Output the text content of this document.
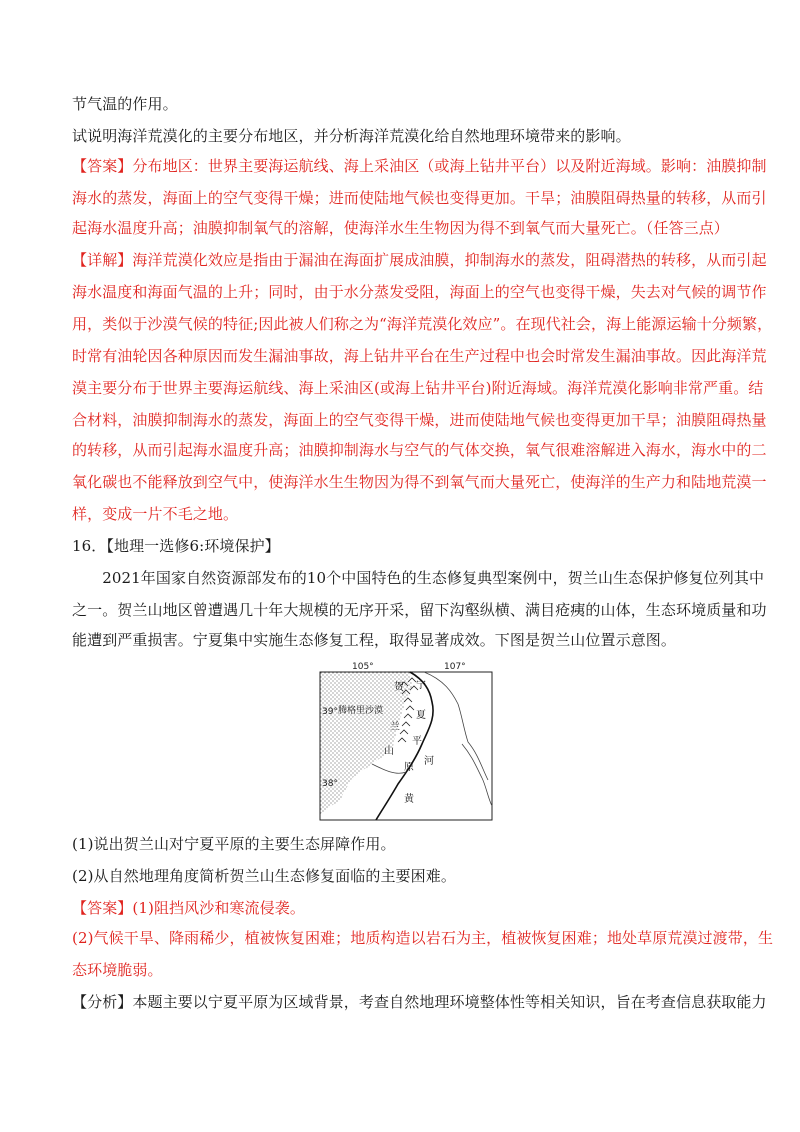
节气温的作用。
试说明海洋荒漠化的主要分布地区，并分析海洋荒漠化给自然地理环境带来的影响。
【答案】分布地区：世界主要海运航线、海上采油区（或海上钻井平台）以及附近海域。影响：油膜抑制
海水的蒸发，海面上的空气变得干燥；进而使陆地气候也变得更加。干旱；油膜阻碍热量的转移，从而引
起海水温度升高；油膜抑制氧气的溶解，使海洋水生生物因为得不到氧气而大量死亡。（任答三点）
【详解】海洋荒漠化效应是指由于漏油在海面扩展成油膜，抑制海水的蒸发，阻碍潜热的转移，从而引起
海水温度和海面气温的上升；同时，由于水分蒸发受阻，海面上的空气也变得干燥，失去对气候的调节作
用，类似于沙漠气候的特征;因此被人们称之为“海洋荒漠化效应”。在现代社会，海上能源运输十分频繁，
时常有油轮因各种原因而发生漏油事故，海上钻井平台在生产过程中也会时常发生漏油事故。因此海洋荒
漠主要分布于世界主要海运航线、海上采油区(或海上钻井平台)附近海域。海洋荒漠化影响非常严重。结
合材料，油膜抑制海水的蒸发，海面上的空气变得干燥，进而使陆地气候也变得更加干旱；油膜阻碍热量
的转移，从而引起海水温度升高；油膜抑制海水与空气的气体交换，氧气很难溶解进入海水，海水中的二
氧化碳也不能释放到空气中，使海洋水生生物因为得不到氧气而大量死亡，使海洋的生产力和陆地荒漠一
样，变成一片不毛之地。
16．【地理一选修6:环境保护】
　　2021年国家自然资源部发布的10个中国特色的生态修复典型案例中，贺兰山生态保护修复位列其中
之一。贺兰山地区曾遭遇几十年大规模的无序开采，留下沟壑纵横、满目疮痍的山体，生态环境质量和功
能遭到严重损害。宁夏集中实施生态修复工程，取得显著成效。下图是贺兰山位置示意图。
(1)说出贺兰山对宁夏平原的主要生态屏障作用。
(2)从自然地理角度简析贺兰山生态修复面临的主要困难。
【答案】(1)阻挡风沙和寒流侵袭。
(2)气候干旱、降雨稀少，植被恢复困难；地质构造以岩石为主，植被恢复困难；地处草原荒漠过渡带，生
态环境脆弱。
【分析】本题主要以宁夏平原为区域背景，考查自然地理环境整体性等相关知识，旨在考查信息获取能力
39°
38°
105°	107°
腾格里沙漠
贺
兰
山
宁
夏
平
原
河
黄
